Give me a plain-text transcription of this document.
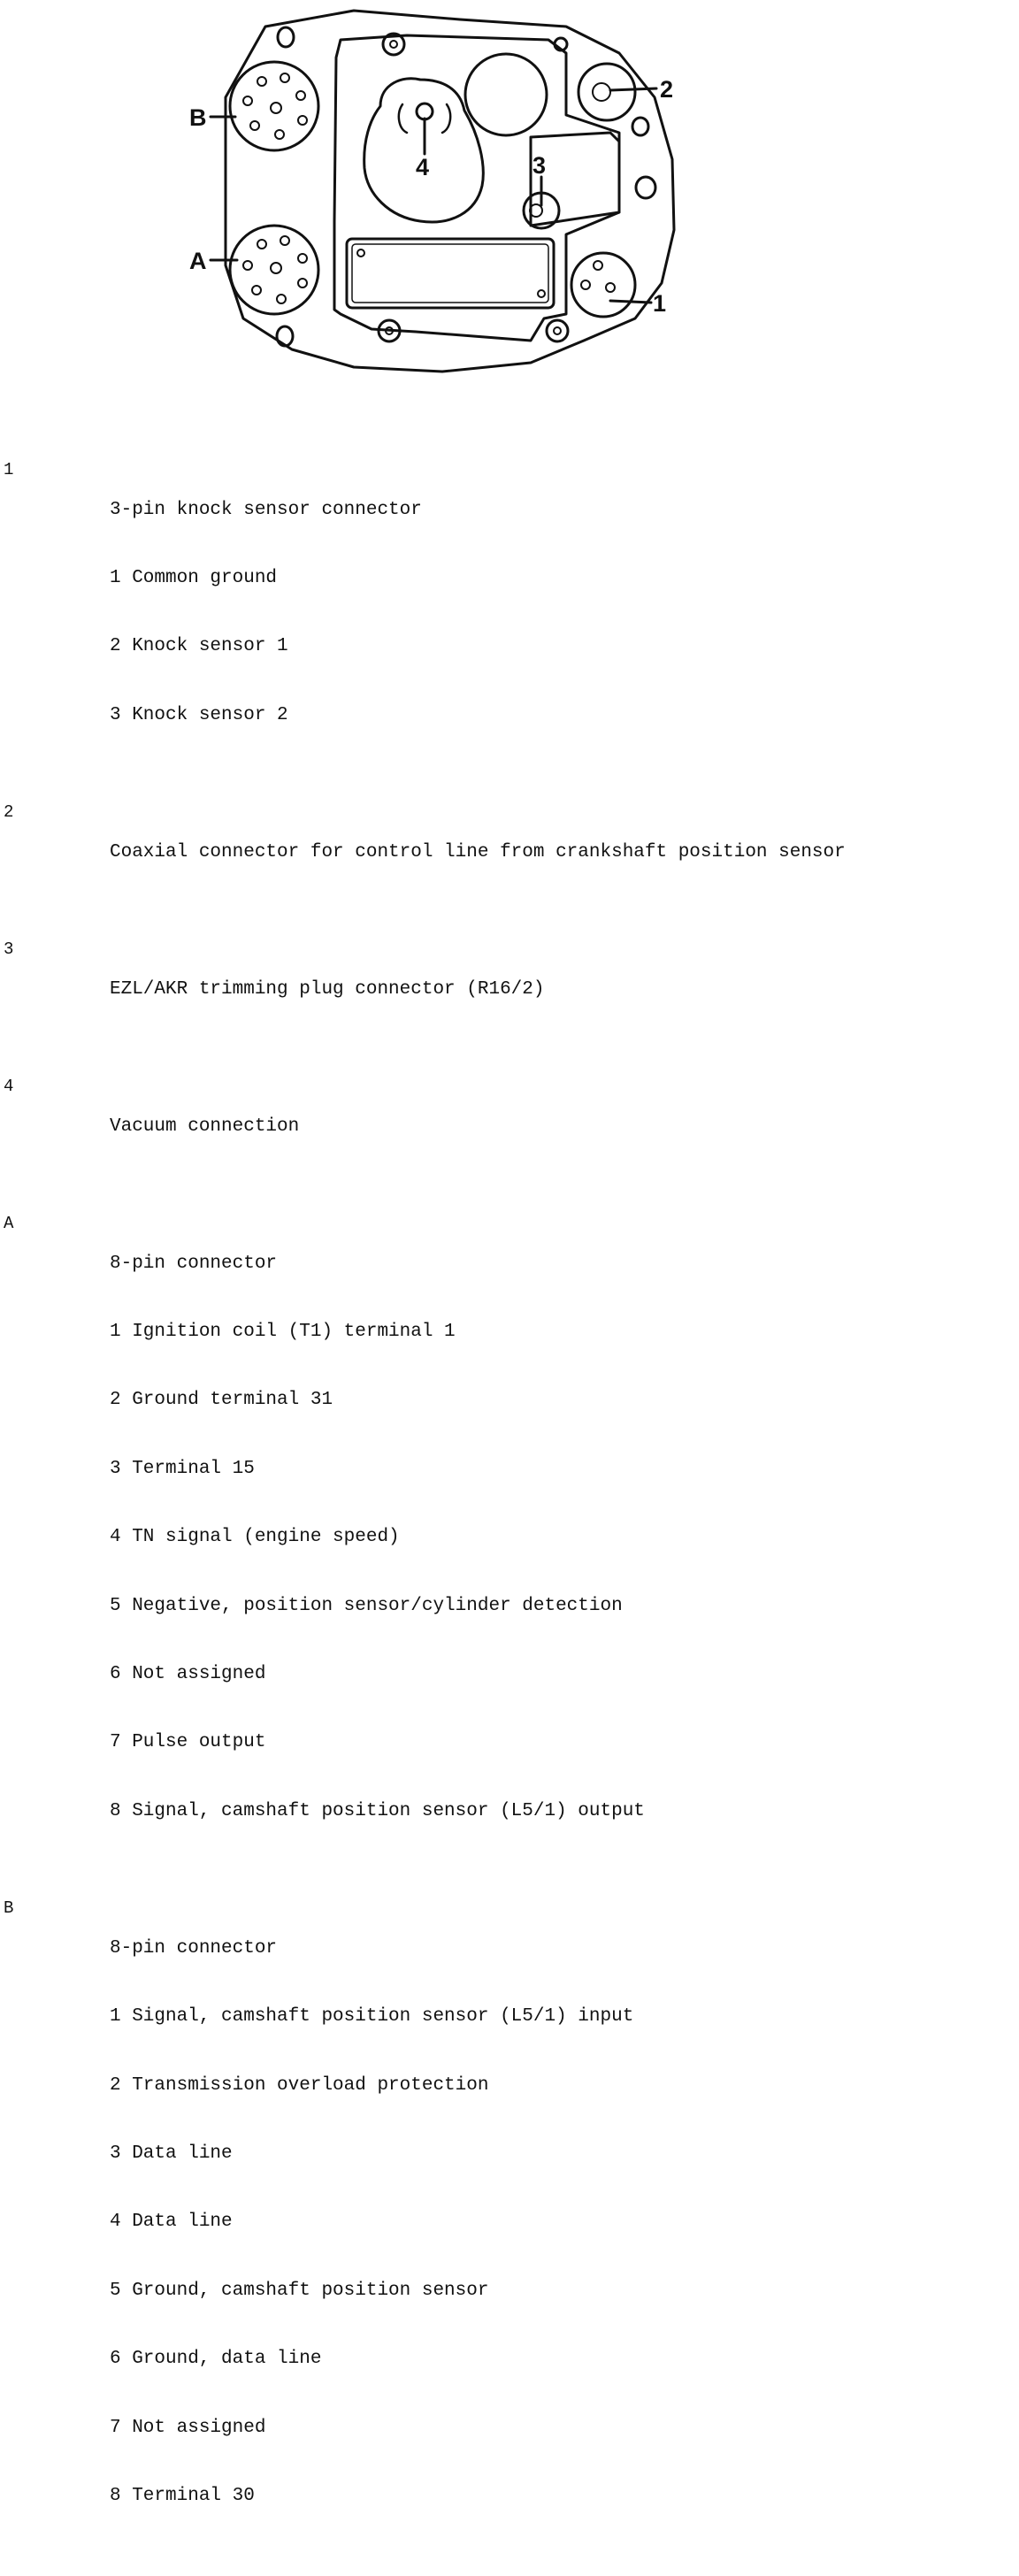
2
4	3
B
A
1
1

3-pin knock sensor connector

1 Common ground

2 Knock sensor 1

3 Knock sensor 2

2

Coaxial connector for control line from crankshaft position sensor

3

EZL/AKR trimming plug connector (R16/2)

4

Vacuum connection

A

8-pin connector

1 Ignition coil (T1) terminal 1

2 Ground terminal 31

3 Terminal 15

4 TN signal (engine speed)

5 Negative, position sensor/cylinder detection

6 Not assigned

7 Pulse output

8 Signal, camshaft position sensor (L5/1) output

B

8-pin connector

1 Signal, camshaft position sensor (L5/1) input

2 Transmission overload protection

3 Data line

4 Data line

5 Ground, camshaft position sensor

6 Ground, data line

7 Not assigned

8 Terminal 30
